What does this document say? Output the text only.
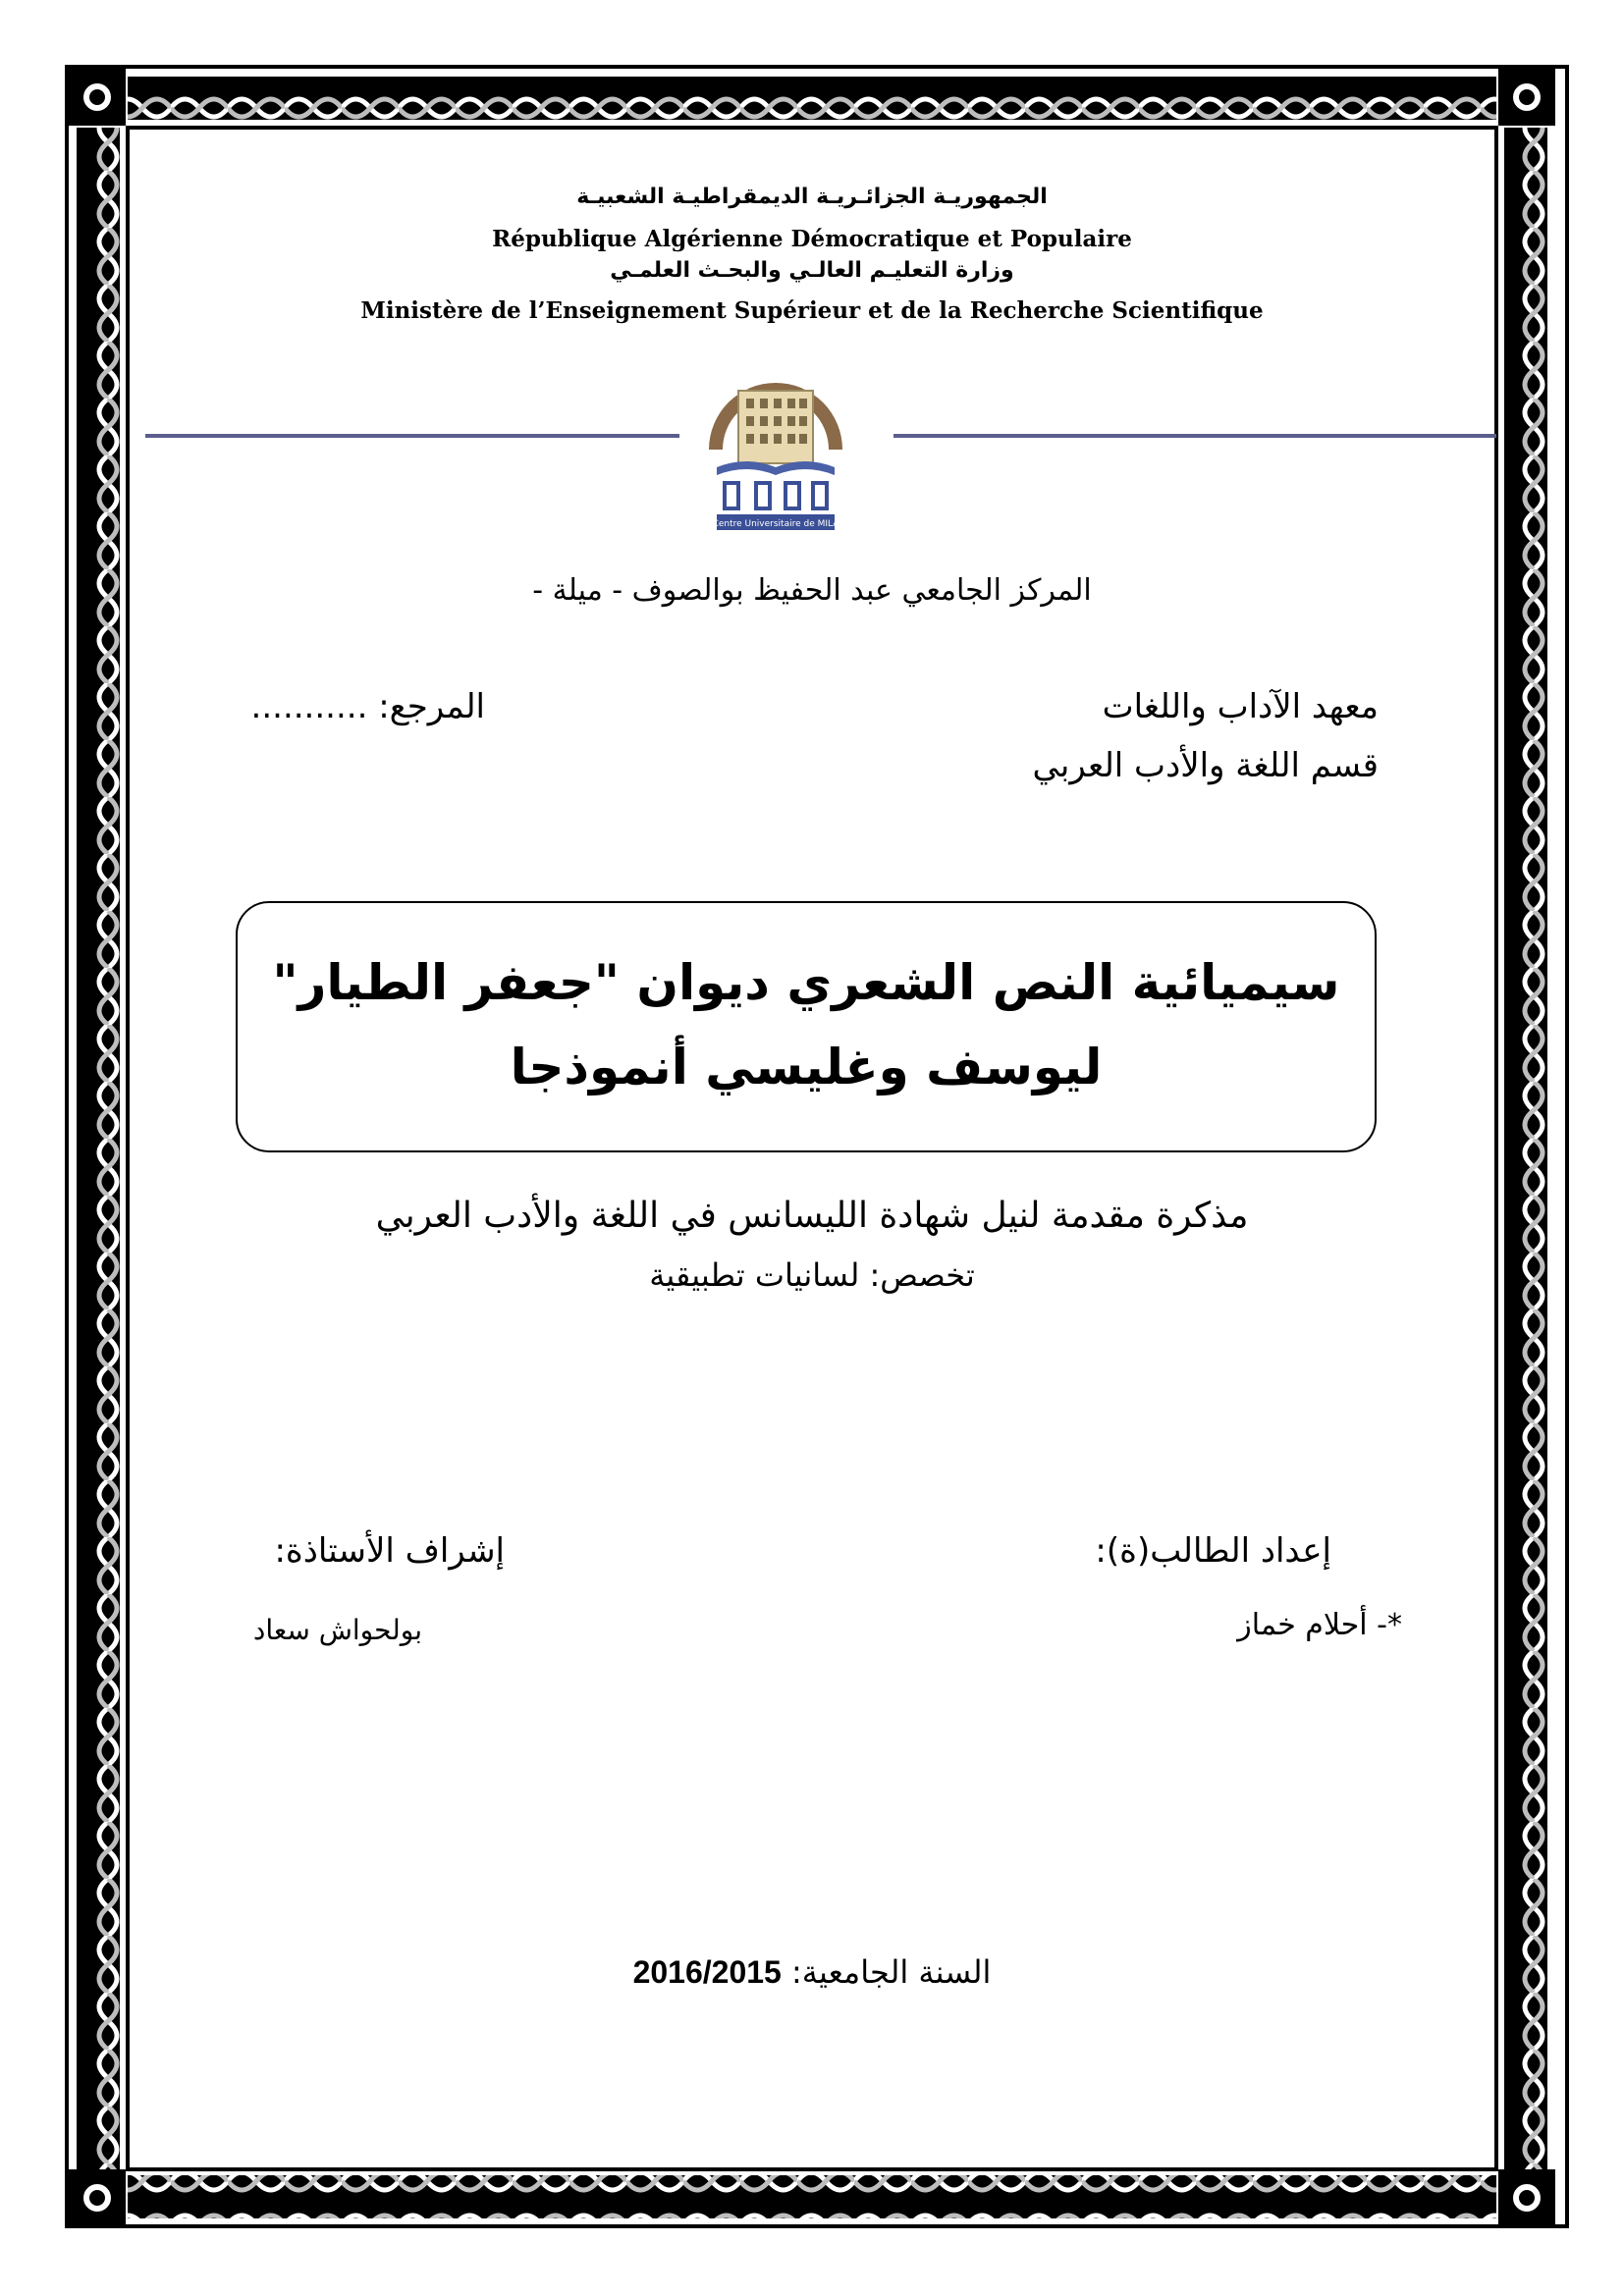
الجمهوريـة الجزائـريـة الديمقراطيـة الشعبيـة
République Algérienne Démocratique et Populaire
وزارة التعليـم العالـي والبحـث العلمـي
Ministère de l’Enseignement Supérieur et de la Recherche Scientifique
Centre Universitaire de MILA
المركز الجامعي عبد الحفيظ بوالصوف - ميلة -
معهد الآداب واللغات
قسم اللغة والأدب العربي
المرجع: ...........
سيميائية النص الشعري ديوان "جعفر الطيار"
ليوسف وغليسي أنموذجا
مذكرة مقدمة لنيل شهادة الليسانس في اللغة والأدب العربي
تخصص: لسانيات تطبيقية
إعداد الطالب(ة):
*- أحلام خماز
إشراف الأستاذة:
بولحواش سعاد
السنة الجامعية: 2016/2015
